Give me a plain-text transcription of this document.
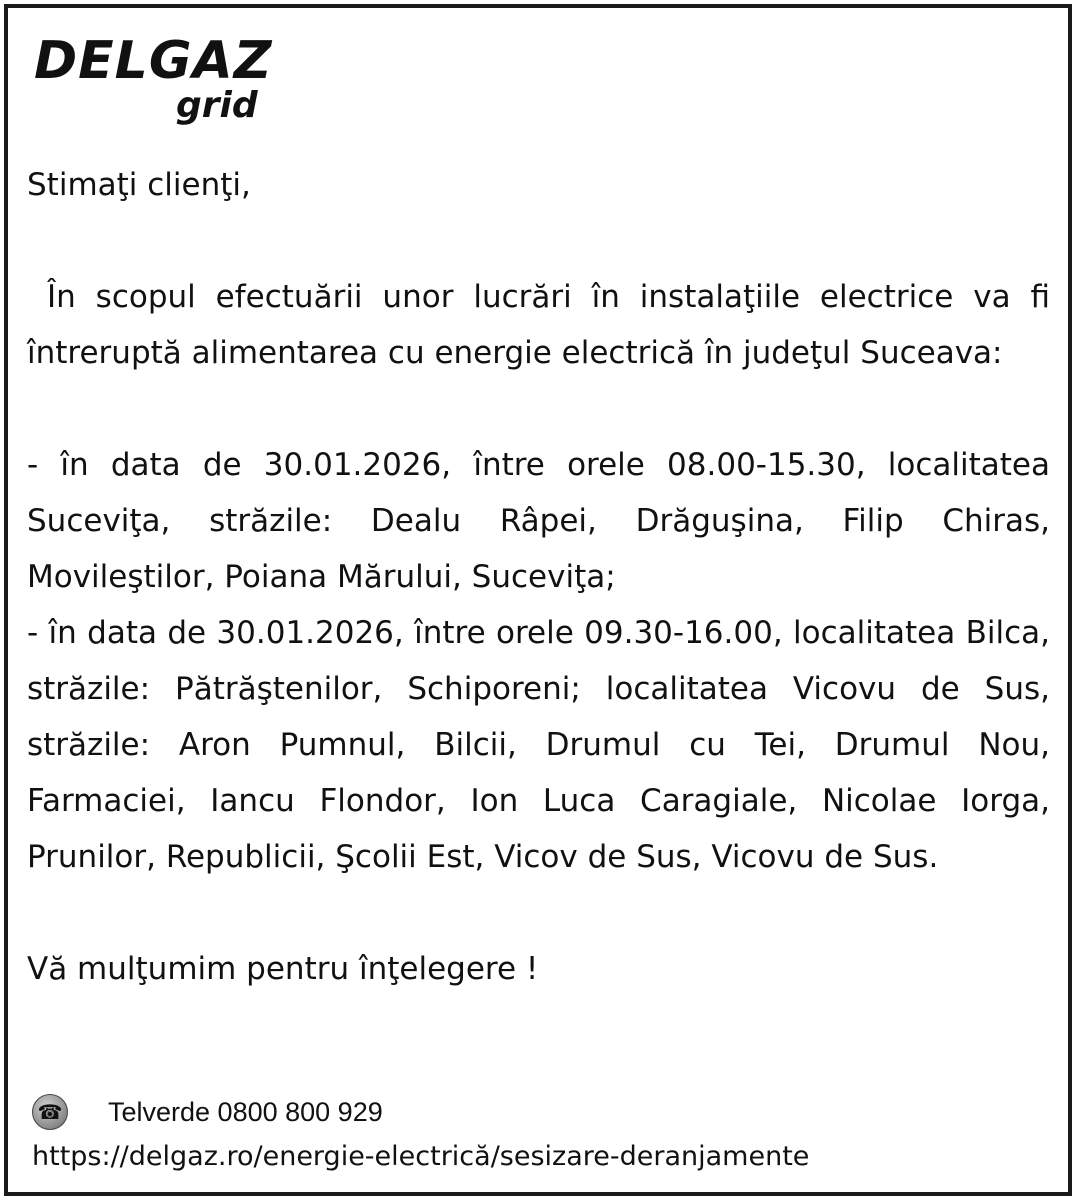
DELGAZ
grid

Stimaţi clienţi,

În scopul efectuării unor lucrări în instalaţiile electrice va fi întreruptă alimentarea cu energie electrică în judeţul Suceava:

- în data de 30.01.2026, între orele 08.00-15.30, localitatea Suceviţa, străzile: Dealu Râpei, Drăguşina, Filip Chiras, Movileştilor, Poiana Mărului, Suceviţa;

- în data de 30.01.2026, între orele 09.30-16.00, localitatea Bilca, străzile: Pătrăştenilor, Schiporeni; localitatea Vicovu de Sus, străzile: Aron Pumnul, Bilcii, Drumul cu Tei, Drumul Nou, Farmaciei, Iancu Flondor, Ion Luca Caragiale, Nicolae Iorga, Prunilor, Republicii, Şcolii Est, Vicov de Sus, Vicovu de Sus.

Vă mulţumim pentru înţelegere !

☎ Telverde 0800 800 929
https://delgaz.ro/energie-electrică/sesizare-deranjamente
